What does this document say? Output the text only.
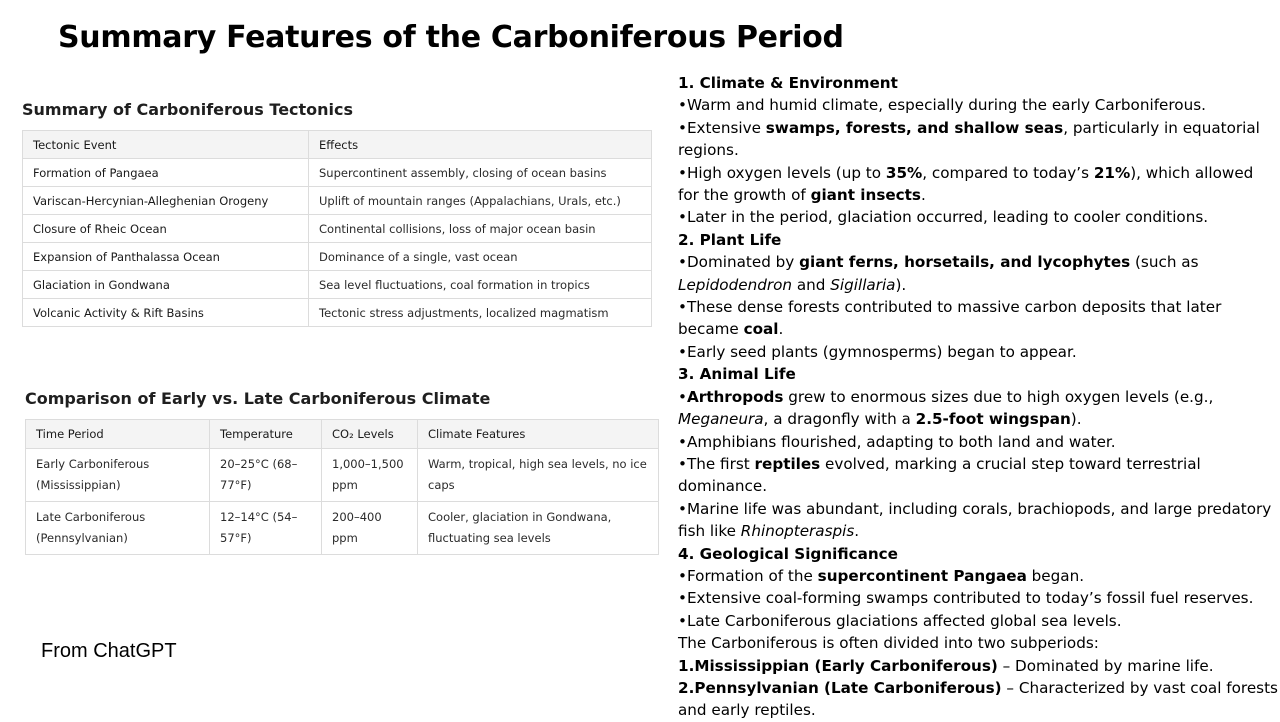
Summary Features of the Carboniferous Period
Summary of Carboniferous Tectonics
Tectonic Event	Effects
Formation of Pangaea	Supercontinent assembly, closing of ocean basins
Variscan-Hercynian-Alleghenian Orogeny	Uplift of mountain ranges (Appalachians, Urals, etc.)
Closure of Rheic Ocean	Continental collisions, loss of major ocean basin
Expansion of Panthalassa Ocean	Dominance of a single, vast ocean
Glaciation in Gondwana	Sea level fluctuations, coal formation in tropics
Volcanic Activity & Rift Basins	Tectonic stress adjustments, localized magmatism
Comparison of Early vs. Late Carboniferous Climate
Time Period	Temperature	CO₂ Levels	Climate Features
Early Carboniferous (Mississippian)	20–25°C (68–77°F)	1,000–1,500 ppm	Warm, tropical, high sea levels, no ice caps
Late Carboniferous (Pennsylvanian)	12–14°C (54–57°F)	200–400 ppm	Cooler, glaciation in Gondwana, fluctuating sea levels
From ChatGPT

1. Climate & Environment

•Warm and humid climate, especially during the early Carboniferous.

•Extensive swamps, forests, and shallow seas, particularly in equatorial regions.

•High oxygen levels (up to 35%, compared to today’s 21%), which allowed for the growth of giant insects.

•Later in the period, glaciation occurred, leading to cooler conditions.

2. Plant Life

•Dominated by giant ferns, horsetails, and lycophytes (such as Lepidodendron and Sigillaria).

•These dense forests contributed to massive carbon deposits that later became coal.

•Early seed plants (gymnosperms) began to appear.

3. Animal Life

•Arthropods grew to enormous sizes due to high oxygen levels (e.g., Meganeura, a dragonfly with a 2.5-foot wingspan).

•Amphibians flourished, adapting to both land and water.

•The first reptiles evolved, marking a crucial step toward terrestrial dominance.

•Marine life was abundant, including corals, brachiopods, and large predatory fish like Rhinopteraspis.

4. Geological Significance

•Formation of the supercontinent Pangaea began.

•Extensive coal-forming swamps contributed to today’s fossil fuel reserves.

•Late Carboniferous glaciations affected global sea levels.

The Carboniferous is often divided into two subperiods:

1.Mississippian (Early Carboniferous) – Dominated by marine life.

2.Pennsylvanian (Late Carboniferous) – Characterized by vast coal forests and early reptiles.
